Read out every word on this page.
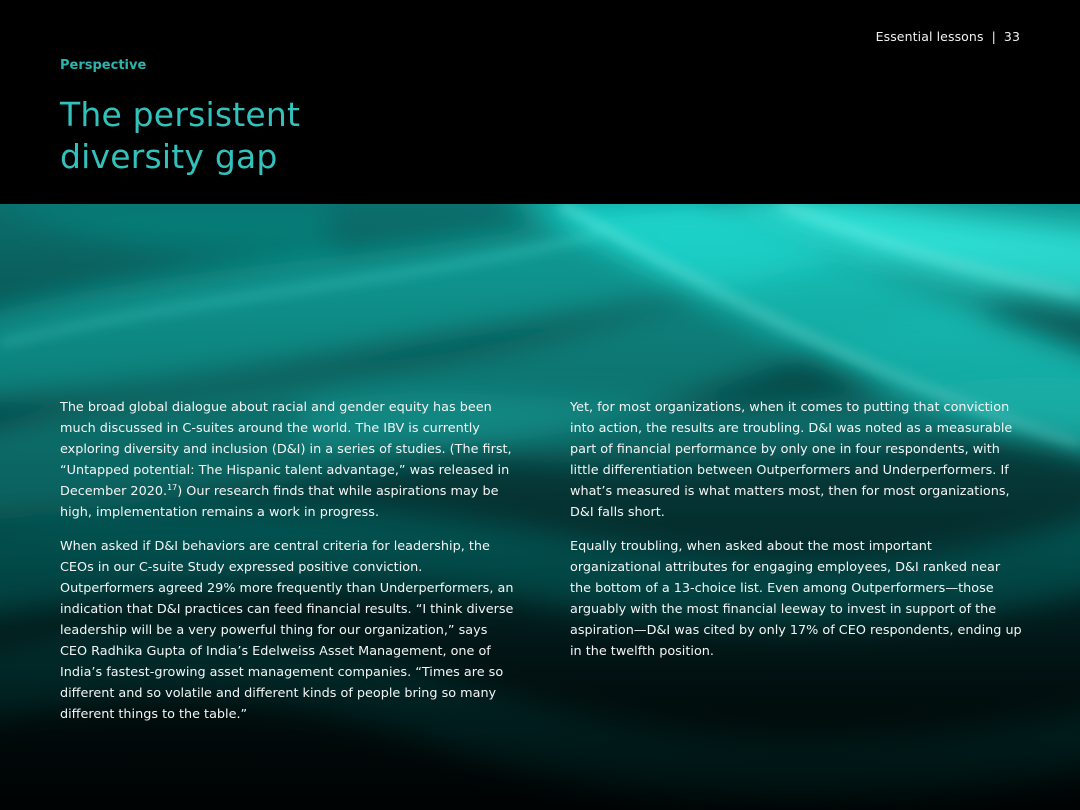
Essential lessons | 33
Perspective
The persistent
diversity gap

The broad global dialogue about racial and gender equity has been much discussed in C-suites around the world. The IBV is currently exploring diversity and inclusion (D&I) in a series of studies. (The first, “Untapped potential: The Hispanic talent advantage,” was released in December 2020.17) Our research finds that while aspirations may be high, implementation remains a work in progress.

When asked if D&I behaviors are central criteria for leadership, the CEOs in our C-suite Study expressed positive conviction. Outperformers agreed 29% more frequently than Underperformers, an indication that D&I practices can feed financial results. “I think diverse leadership will be a very powerful thing for our organization,” says CEO Radhika Gupta of India’s Edelweiss Asset Management, one of India’s fastest-growing asset management companies. “Times are so different and so volatile and different kinds of people bring so many different things to the table.”

Yet, for most organizations, when it comes to putting that conviction into action, the results are troubling. D&I was noted as a measurable part of financial performance by only one in four respondents, with little differentiation between Outperformers and Underperformers. If what’s measured is what matters most, then for most organizations, D&I falls short.

Equally troubling, when asked about the most important organizational attributes for engaging employees, D&I ranked near the bottom of a 13-choice list. Even among Outperformers—those arguably with the most financial leeway to invest in support of the aspiration—D&I was cited by only 17% of CEO respondents, ending up in the twelfth position.
